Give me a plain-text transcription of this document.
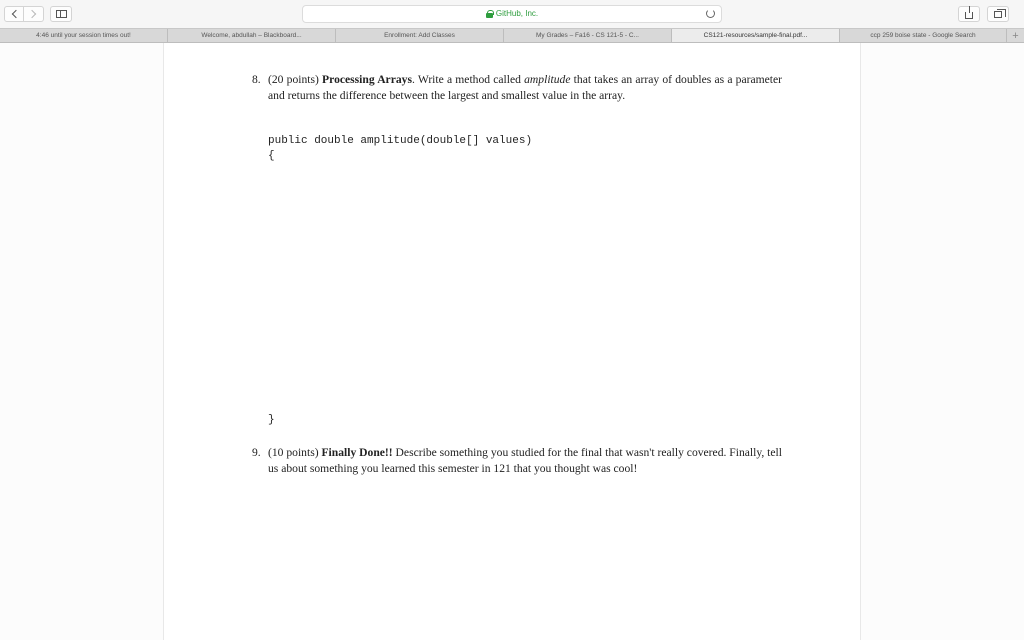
GitHub, Inc.
4:46 until your session times out!	Welcome, abdullah – Blackboard...	Enrollment: Add Classes	My Grades – Fa16 - CS 121-5 - C...	CS121-resources/sample-final.pdf...	ccp 259 boise state - Google Search	+
8. (20 points) Processing Arrays. Write a method called amplitude that takes an array of doubles as a parameter and returns the difference between the largest and smallest value in the array.
public double amplitude(double[] values)
{
}
9. (10 points) Finally Done!! Describe something you studied for the final that wasn't really covered. Finally, tell us about something you learned this semester in 121 that you thought was cool!
